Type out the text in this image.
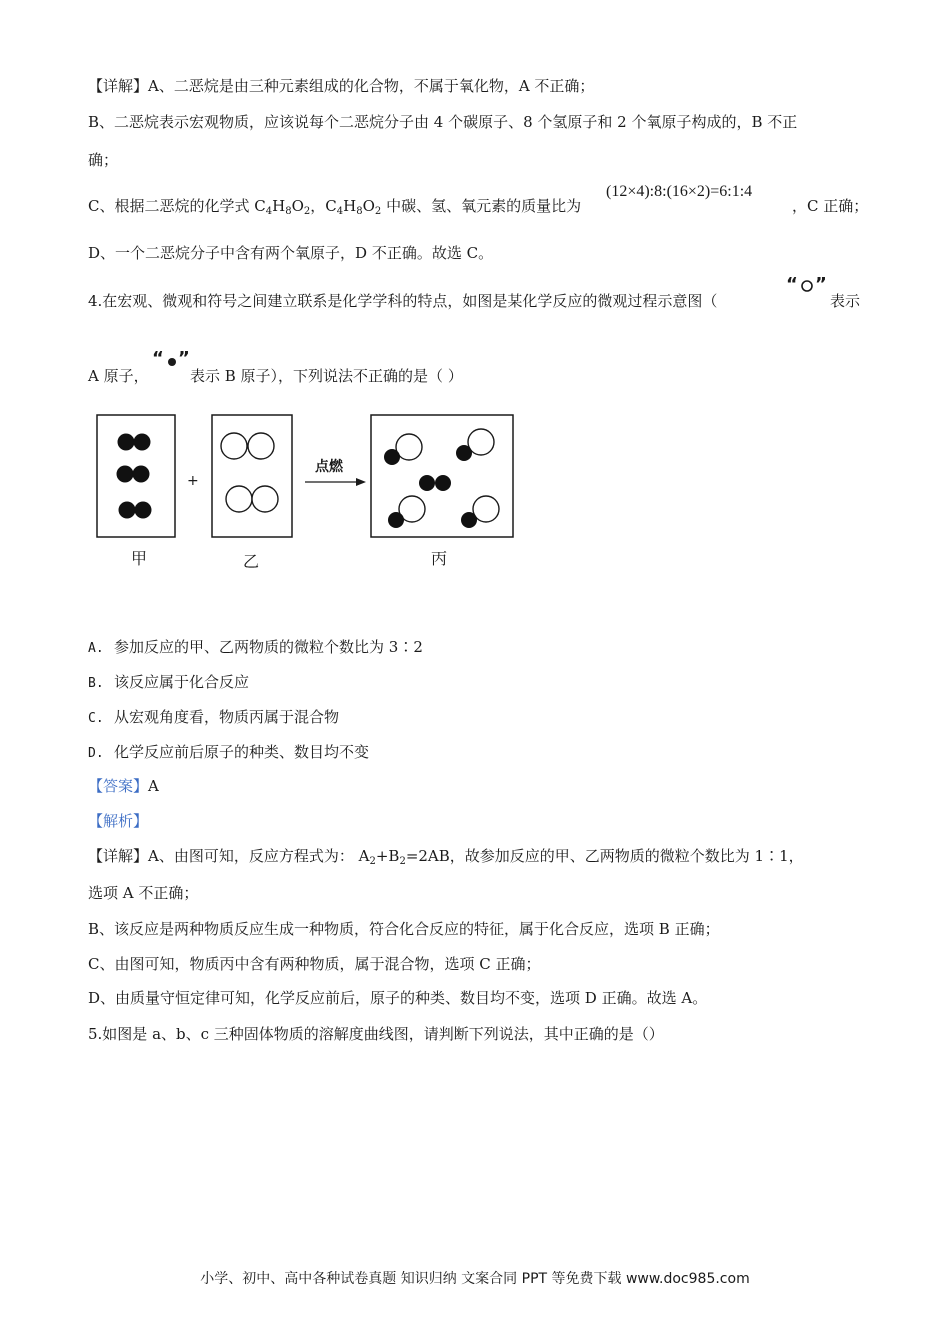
【详解】A、二恶烷是由三种元素组成的化合物，不属于氧化物，A 不正确；
B、二恶烷表示宏观物质，应该说每个二恶烷分子由 4 个碳原子、8 个氢原子和 2 个氧原子构成的，B 不正
确；
C、根据二恶烷的化学式 $C_4H_8O_2$，$C_4H_8O_2$ 中碳、氢、氧元素的质量比为
(12×4):8:(16×2)=6:1:4
，C 正确；
D、一个二恶烷分子中含有两个氧原子，D 不正确。故选 C。
4.在宏观、微观和符号之间建立联系是化学学科的特点，如图是某化学反应的微观过程示意图（
“ ”
表示
A 原子，
“ ”
表示 B 原子），下列说法不正确的是（ ）
+
点燃
甲	乙	丙
A. 参加反应的甲、乙两物质的微粒个数比为 3∶2
B. 该反应属于化合反应
C. 从宏观角度看，物质丙属于混合物
D. 化学反应前后原子的种类、数目均不变
【答案】A
【解析】
【详解】A、由图可知，反应方程式为： $A_2+B_2=2AB$，故参加反应的甲、乙两物质的微粒个数比为 1∶1，
选项 A 不正确；
B、该反应是两种物质反应生成一种物质，符合化合反应的特征，属于化合反应，选项 B 正确；
C、由图可知，物质丙中含有两种物质，属于混合物，选项 C 正确；
D、由质量守恒定律可知，化学反应前后，原子的种类、数目均不变，选项 D 正确。故选 A。
5.如图是 a、b、c 三种固体物质的溶解度曲线图，请判断下列说法，其中正确的是（）
小学、初中、高中各种试卷真题 知识归纳 文案合同 PPT 等免费下载 www.doc985.com
